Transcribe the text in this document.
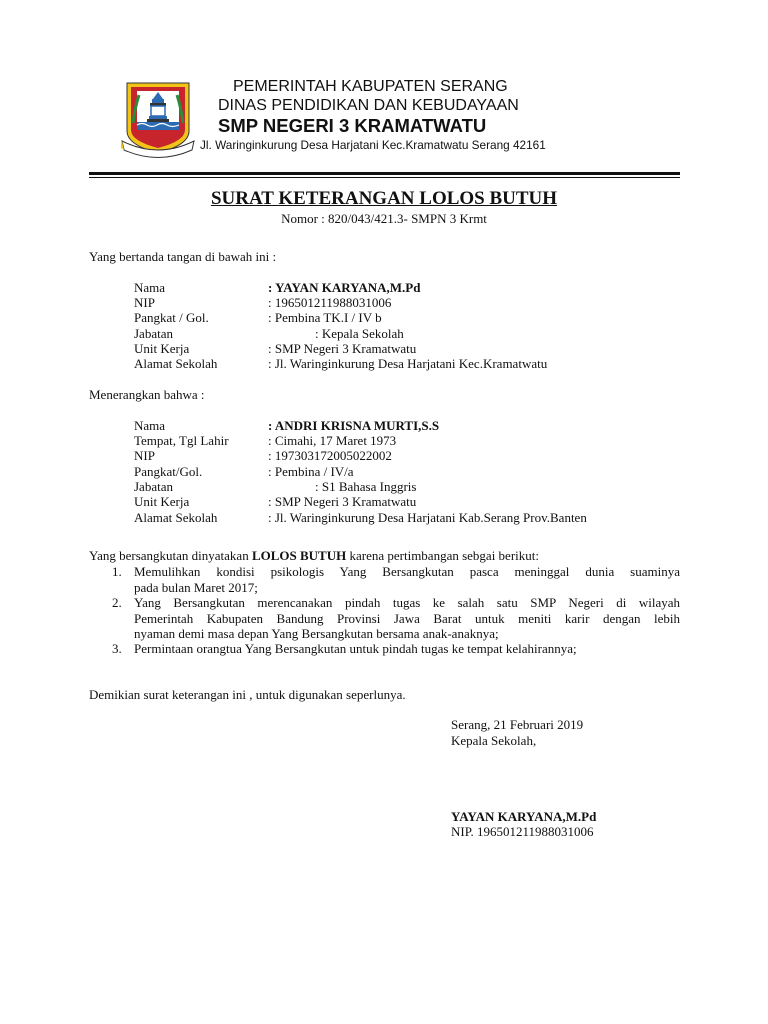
PEMERINTAH KABUPATEN SERANG
DINAS PENDIDIKAN DAN KEBUDAYAAN
SMP NEGERI 3 KRAMATWATU
Jl. Waringinkurung Desa Harjatani Kec.Kramatwatu Serang 42161
SURAT KETERANGAN LOLOS BUTUH
Nomor : 820/043/421.3- SMPN 3 Krmt
Yang bertanda tangan di bawah ini :
Nama	: YAYAN KARYANA,M.Pd
NIP	: 196501211988031006
Pangkat / Gol.	: Pembina TK.I / IV b
Jabatan	: Kepala Sekolah
Unit Kerja	: SMP Negeri 3 Kramatwatu
Alamat Sekolah	: Jl. Waringinkurung Desa Harjatani Kec.Kramatwatu
Menerangkan bahwa :
Nama	: ANDRI KRISNA MURTI,S.S
Tempat, Tgl Lahir	: Cimahi, 17 Maret 1973
NIP	: 197303172005022002
Pangkat/Gol.	: Pembina / IV/a
Jabatan	: S1 Bahasa Inggris
Unit Kerja	: SMP Negeri 3 Kramatwatu
Alamat Sekolah	: Jl. Waringinkurung Desa Harjatani Kab.Serang Prov.Banten
Yang bersangkutan dinyatakan LOLOS BUTUH karena pertimbangan sebgai berikut:
1. Memulihkan kondisi psikologis Yang Bersangkutan pasca meninggal dunia suaminya
pada bulan Maret 2017;
2. Yang Bersangkutan merencanakan pindah tugas ke salah satu SMP Negeri di wilayah
Pemerintah Kabupaten Bandung Provinsi Jawa Barat untuk meniti karir dengan lebih
nyaman demi masa depan Yang Bersangkutan bersama anak-anaknya;
3. Permintaan orangtua Yang Bersangkutan untuk pindah tugas ke tempat kelahirannya;
Demikian surat keterangan ini , untuk digunakan seperlunya.
Serang, 21 Februari 2019
Kepala Sekolah,
YAYAN KARYANA,M.Pd
NIP. 196501211988031006
